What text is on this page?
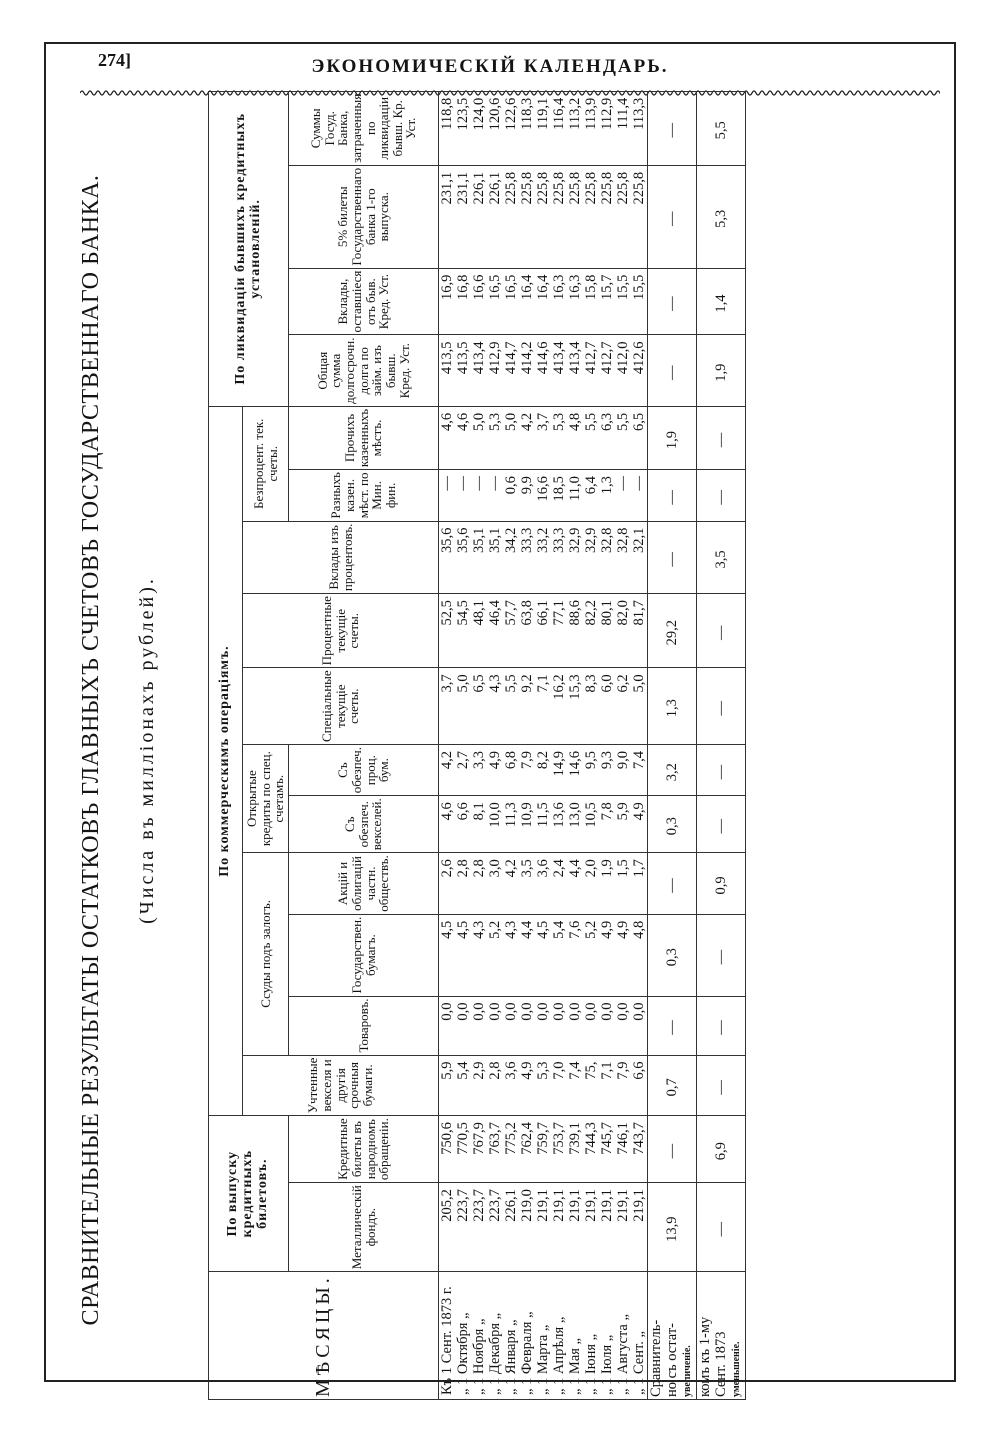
274]	ЭКОНОМИЧЕСКІЙ КАЛЕНДАРЬ.
СРАВНИТЕЛЬНЫЕ РЕЗУЛЬТАТЫ ОСТАТКОВЪ ГЛАВНЫХЪ СЧЕТОВЪ ГОСУДАРСТВЕННАГО БАНКА. (Числа въ милліонахъ рублей).
МѢСЯЦЫ.	По выпуску кредитныхъ билетовъ.		По коммерческимъ операціямъ.											По ликвидаціи бывшихъ кредитныхъ установленій.			
			Учтенные векселя и другія срочныя бумаги.	Ссуды подъ залогъ.			Открытые кредиты по спец. счетамъ.		Спеціальные текущіе счеты.	Процентные текущіе счеты.	Вклады изъ процентовъ.	Безпроцент. тек. счеты.					
	Металлическій фондъ.	Кредитные билеты въ народномъ обращеніи.		Товаровъ.	Государствен. бумагъ.	Акцій и облигацій частн. обществъ.	Съ обезпеч. векселей.	Съ обезпеч. проц. бум.				Разныхъ казен. мѣст. по Мин. фин.	Прочихъ казенныхъ мѣстъ.	Общая сумма долгосрочн. долга по займ. изъ бывш. Кред. Уст.	Вклады, оставшіеся отъ быв. Кред. Уст.	5% билеты Государственнаго банка 1-го выпуска.	Суммы Госуд. Банка, затраченныя по ликвидаціи бывш. Кр. Уст.

Къ 1 Сент. 1873 г.	205,2	750,6	5,9	0,0	4,5	2,6	4,6	4,2	3,7	52,5	35,6	—	4,6	413,5	16,9	231,1	118,8
„ 1 Октября „	223,7	770,5	5,4	0,0	4,5	2,8	6,6	2,7	5,0	54,5	35,6	—	4,6	413,5	16,8	231,1	123,5
„ 1 Ноября „	223,7	767,9	2,9	0,0	4,3	2,8	8,1	3,3	6,5	48,1	35,1	—	5,0	413,4	16,6	226,1	124,0
„ 1 Декабря „	223,7	763,7	2,8	0,0	5,2	3,0	10,0	4,9	4,3	46,4	35,1	—	5,3	412,9	16,5	226,1	120,6
„ 1 Января „	226,1	775,2	3,6	0,0	4,3	4,2	11,3	6,8	5,5	57,7	34,2	0,6	5,0	414,7	16,5	225,8	122,6
„ 1 Февраля „	219,0	762,4	4,9	0,0	4,4	3,5	10,9	7,9	9,2	63,8	33,3	9,9	4,2	414,2	16,4	225,8	118,3
„ 1 Марта „	219,1	759,7	5,3	0,0	4,5	3,6	11,5	8,2	7,1	66,1	33,2	16,6	3,7	414,6	16,4	225,8	119,1
„ 1 Апрѣля „	219,1	753,7	7,0	0,0	5,4	2,4	13,6	14,9	16,2	77,1	33,3	18,5	5,3	413,4	16,3	225,8	116,4
„ 1 Мая „	219,1	739,1	7,4	0,0	7,6	4,4	13,0	14,6	15,3	88,6	32,9	11,0	4,8	413,4	16,3	225,8	113,2
„ 1 Іюня „	219,1	744,3	75,	0,0	5,2	2,0	10,5	9,5	8,3	82,2	32,9	6,4	5,5	412,7	15,8	225,8	113,9
„ 1 Іюля „	219,1	745,7	7,1	0,0	4,9	1,9	7,8	9,3	6,0	80,1	32,8	1,3	6,3	412,7	15,7	225,8	112,9
„ 1 Августа „	219,1	746,1	7,9	0,0	4,9	1,5	5,9	9,0	6,2	82,0	32,8	—	5,5	412,0	15,5	225,8	111,4
„ 1 Сент. „	219,1	743,7	6,6	0,0	4,8	1,7	4,9	7,4	5,0	81,7	32,1	—	6,5	412,6	15,5	225,8	113,3

Сравнитель- но съ остат- увеличеніе.	13,9	—	0,7	—	0,3	—	0,3	3,2	1,3	29,2	—	—	1,9	—	—	—	—

комъ къ 1-му Сент. 1873 уменьшеніе.	—	6,9	—	—	—	0,9	—	—	—	—	3,5	—	—	1,9	1,4	5,3	5,5
